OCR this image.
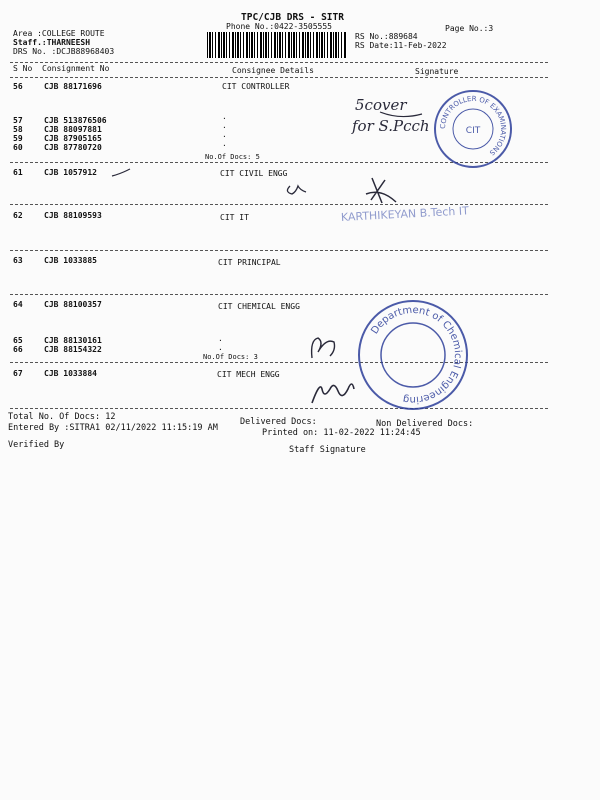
TPC/CJB DRS - SITR
Phone No.:0422-3505555	Page No.:3
Area :COLLEGE ROUTE
Staff.:THARNEESH
DRS No. :DCJB88968403
RS No.:889684
RS Date:11-Feb-2022
S No Consignment No	Consignee Details	Signature
56	CJB 88171696	CIT CONTROLLER
57	CJB 513876506
58	CJB 88097881
59	CJB 87905165
60	CJB 87780720
.
.
.
.
No.Of Docs: 5
61	CJB 1057912	CIT CIVIL ENGG
62	CJB 88109593	CIT IT
63	CJB 1033885	CIT PRINCIPAL
64	CJB 88100357	CIT CHEMICAL ENGG
65	CJB 88130161
66	CJB 88154322
.
.
No.Of Docs: 3
67	CJB 1033884	CIT MECH ENGG
Total No. Of Docs: 12	Delivered Docs:	Non Delivered Docs:
Entered By :SITRA1 02/11/2022 11:15:19 AM	Printed on: 11-02-2022 11:24:45
Verified By	Staff Signature
CONTROLLER OF EXAMINATIONS
CIT
KARTHIKEYAN B.Tech IT
Department of Chemical Engineering
5cover
for S.Pcch
